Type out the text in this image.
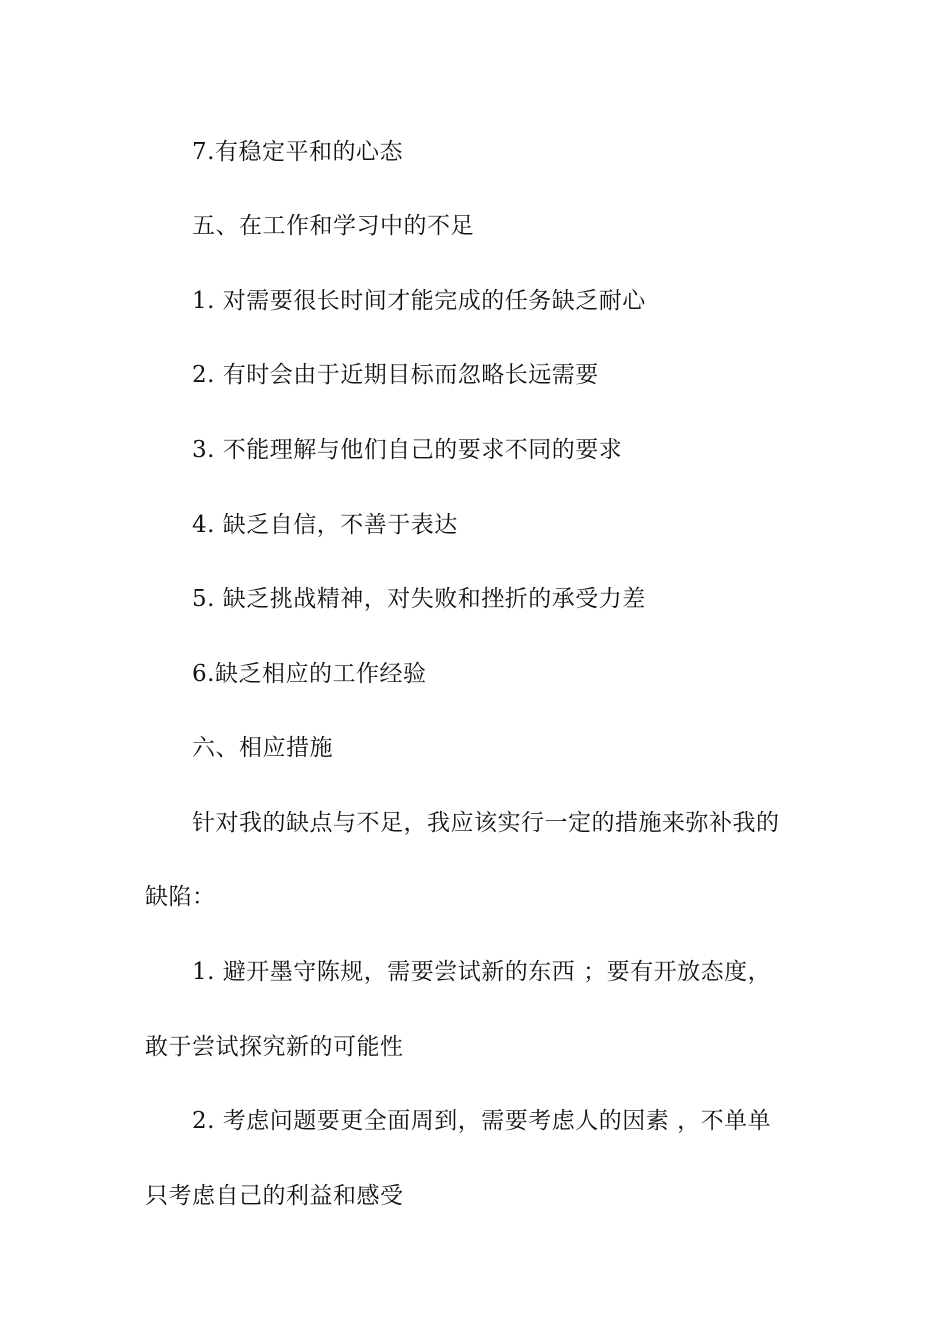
7.有稳定平和的心态
五、在工作和学习中的不足
1. 对需要很长时间才能完成的任务缺乏耐心
2. 有时会由于近期目标而忽略长远需要
3. 不能理解与他们自己的要求不同的要求
4. 缺乏自信，不善于表达
5. 缺乏挑战精神，对失败和挫折的承受力差
6.缺乏相应的工作经验
六、相应措施
针对我的缺点与不足，我应该实行一定的措施来弥补我的
缺陷：
1. 避开墨守陈规，需要尝试新的东西 ；要有开放态度，
敢于尝试探究新的可能性
2. 考虑问题要更全面周到，需要考虑人的因素 ，不单单
只考虑自己的利益和感受
